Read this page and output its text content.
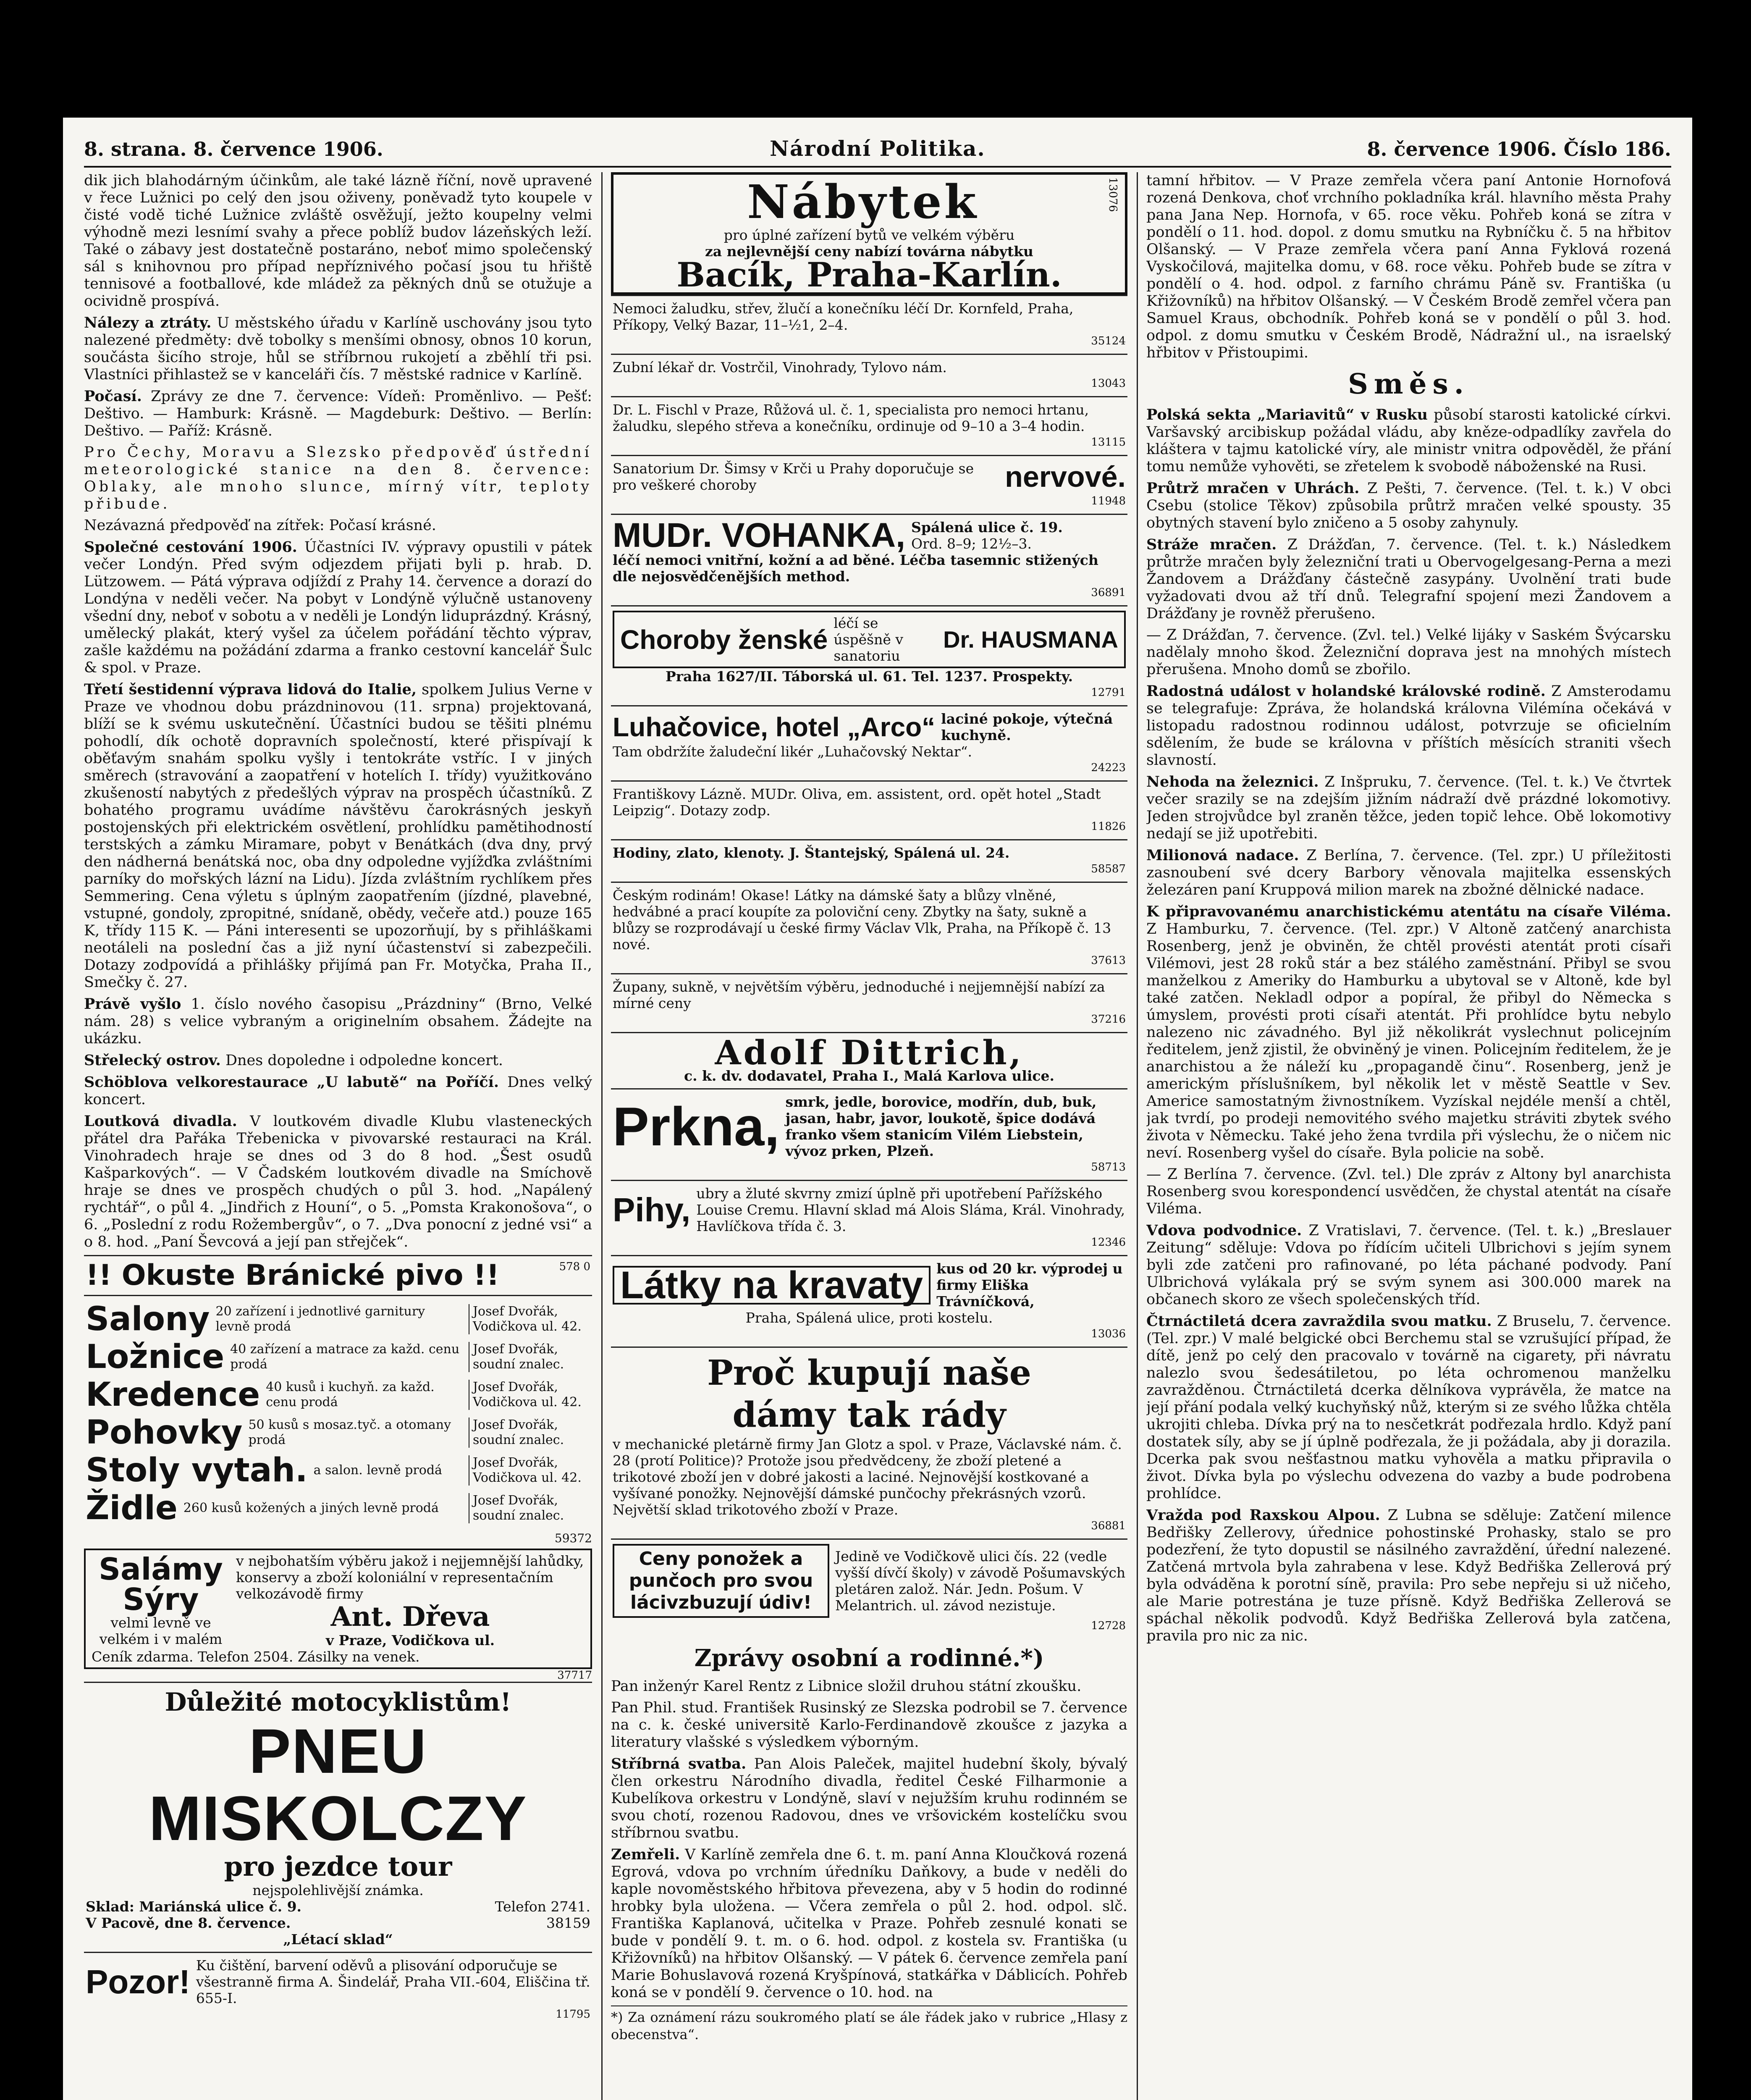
8. strana. 8. července 1906.	Národní Politika.	8. července 1906. Číslo 186.

dik jich blahodárným účinkům, ale také lázně říční, nově upravené v řece Lužnici po celý den jsou oživeny, poněvadž tyto koupele v čisté vodě tiché Lužnice zvláště osvěžují, ježto koupelny velmi výhodně mezi lesnímí svahy a přece poblíž budov lázeňských leží. Také o zábavy jest dostatečně postaráno, neboť mimo společenský sál s knihovnou pro případ nepříznivého počasí jsou tu hřiště tennisové a footballové, kde mládež za pěkných dnů se otužuje a ocividně prospívá.

Nálezy a ztráty. U městského úřadu v Karlíně uschovány jsou tyto nalezené předměty: dvě tobolky s menšími obnosy, obnos 10 korun, součásta šicího stroje, hůl se stříbrnou rukojetí a zběhlí tři psi. Vlastníci přihlastež se v kanceláři čís. 7 městské radnice v Karlíně.

Počasí. Zprávy ze dne 7. července: Vídeň: Proměnlivo. — Pešť: Deštivo. — Hamburk: Krásně. — Magdeburk: Deštivo. — Berlín: Deštivo. — Paříž: Krásně.

Pro Čechy, Moravu a Slezsko předpověď ústřední meteorologické stanice na den 8. července: Oblaky, ale mnoho slunce, mírný vítr, teploty přibude.

Nezávazná předpověď na zítřek: Počasí krásné.

Společné cestování 1906. Účastníci IV. výpravy opustili v pátek večer Londýn. Před svým odjezdem přijati byli p. hrab. D. Lützowem. — Pátá výprava odjíždí z Prahy 14. července a dorazí do Londýna v neděli večer. Na pobyt v Londýně výlučně ustanoveny všední dny, neboť v sobotu a v neděli je Londýn liduprázdný. Krásný, umělecký plakát, který vyšel za účelem pořádání těchto výprav, zašle každému na požádání zdarma a franko cestovní kancelář Šulc & spol. v Praze.

Třetí šestidenní výprava lidová do Italie, spolkem Julius Verne v Praze ve vhodnou dobu prázdninovou (11. srpna) projektovaná, blíží se k svému uskutečnění. Účastníci budou se těšiti plnému pohodlí, dík ochotě dopravních společností, které přispívají k oběťavým snahám spolku vyšly i tentokráte vstříc. I v jiných směrech (stravování a zaopatření v hotelích I. třídy) využitkováno zkušeností nabytých z předešlých výprav na prospěch účastníků. Z bohatého programu uvádíme návštěvu čarokrásných jeskyň postojenských při elektrickém osvětlení, prohlídku pamětihodností terstských a zámku Miramare, pobyt v Benátkách (dva dny, prvý den nádherná benátská noc, oba dny odpoledne vyjížďka zvláštními parníky do mořských lázní na Lidu). Jízda zvláštním rychlíkem přes Semmering. Cena výletu s úplným zaopatřením (jízdné, plavebné, vstupné, gondoly, zpropitné, snídaně, obědy, večeře atd.) pouze 165 K, třídy 115 K. — Páni interesenti se upozorňují, by s přihláškami neotáleli na poslední čas a již nyní účastenství si zabezpečili. Dotazy zodpovídá a přihlášky přijímá pan Fr. Motyčka, Praha II., Smečky č. 27.

Právě vyšlo 1. číslo nového časopisu „Prázdniny“ (Brno, Velké nám. 28) s velice vybraným a originelním obsahem. Žádejte na ukázku.

Střelecký ostrov. Dnes dopoledne i odpoledne koncert.

Schöblova velkorestaurace „U labutě“ na Poříčí. Dnes velký koncert.

Loutková divadla. V loutkovém divadle Klubu vlasteneckých přátel dra Pařáka Třebenicka v pivovarské restauraci na Král. Vinohradech hraje se dnes od 3 do 8 hod. „Šest osudů Kašparkových“. — V Čadském loutkovém divadle na Smíchově hraje se dnes ve prospěch chudých o půl 3. hod. „Napálený rychtář“, o půl 4. „Jindřich z Houní“, o 5. „Pomsta Krakonošova“, o 6. „Poslední z rodu Rožembergův“, o 7. „Dva ponocní z jedné vsi“ a o 8. hod. „Paní Ševcová a její pan střejček“.

578 0
!! Okuste Bránické pivo !!
Salony 20 zařízení i jednotlivé garnitury levně prodá
Josef Dvořák, Vodičkova ul. 42.
Ložnice 40 zařízení a matrace za každ. cenu prodá
Josef Dvořák, soudní znalec.
Kredence 40 kusů i kuchyň. za každ. cenu prodá
Josef Dvořák, Vodičkova ul. 42.
Pohovky 50 kusů s mosaz.tyč. a otomany prodá
Josef Dvořák, soudní znalec.
Stoly vytah. a salon. levně prodá
Josef Dvořák, Vodičkova ul. 42.
Židle 260 kusů kožených a jiných levně prodá
Josef Dvořák, soudní znalec.
59372
Salámy
Sýry
velmi levně ve velkém i v malém
v nejbohatším výběru jakož i nejjemnější lahůdky, konservy a zboží koloniální v representačním velkozávodě firmy
Ant. Dřeva
v Praze, Vodičkova ul.
Ceník zdarma. Telefon 2504. Zásilky na venek.
37717
Důležité motocyklistům!
PNEU MISKOLCZY
pro jezdce tour
nejspolehlivější známka.
Sklad: Mariánská ulice č. 9.	Telefon 2741.
V Pacově, dne 8. července.	38159
„Létací sklad“
Pozor! Ku čištění, barvení oděvů a plisování odporučuje se všestranně firma A. Šindelář, Praha VII.-604, Eliščina tř. 655-I.
11795
13076
Nábytek
pro úplné zařízení bytů ve velkém výběru
za nejlevnější ceny nabízí továrna nábytku
Bacík, Praha-Karlín.
Nemoci žaludku, střev, žlučí a konečníku léčí Dr. Kornfeld, Praha, Příkopy, Velký Bazar, 11–½1, 2–4.
35124
Zubní lékař dr. Vostrčil, Vinohrady, Tylovo nám.
13043
Dr. L. Fischl v Praze, Růžová ul. č. 1, specialista pro nemoci hrtanu, žaludku, slepého střeva a konečníku, ordinuje od 9–10 a 3–4 hodin.
13115
Sanatorium Dr. Šimsy v Krči u Prahy doporučuje se pro veškeré choroby	nervové.
11948
MUDr. VOHANKA, Spálená ulice č. 19.
Ord. 8–9; 12½–3.
léčí nemoci vnitřní, kožní a ad běné. Léčba tasemnic stižených dle nejosvědčenějších method.
36891
Choroby ženské
léčí se úspěšně v sanatoriu
Dr. HAUSMANA
Praha 1627/II. Táborská ul. 61. Tel. 1237. Prospekty.
12791
Luhačovice, hotel „Arco“ laciné pokoje, výtečná kuchyně.
Tam obdržíte žaludeční likér „Luhačovský Nektar“.
24223
Františkovy Lázně. MUDr. Oliva, em. assistent, ord. opět hotel „Stadt Leipzig“. Dotazy zodp.
11826
Hodiny, zlato, klenoty. J. Štantejský, Spálená ul. 24.
58587
Českým rodinám! Okase! Látky na dámské šaty a blůzy vlněné, hedvábné a prací koupíte za poloviční ceny. Zbytky na šaty, sukně a blůzy se rozprodávají u české firmy Václav Vlk, Praha, na Příkopě č. 13 nové.
37613
Župany, sukně, v největším výběru, jednoduché i nejjemnější nabízí za mírné ceny
37216
Adolf Dittrich,
c. k. dv. dodavatel, Praha I., Malá Karlova ulice.
Prkna, smrk, jedle, borovice, modřín, dub, buk, jasan, habr, javor, loukotě, špice dodává franko všem stanicím Vilém Liebstein, vývoz prken, Plzeň.
58713
Pihy, ubry a žluté skvrny zmizí úplně při upotřebení Pařížského Louise Cremu. Hlavní sklad má Alois Sláma, Král. Vinohrady, Havlíčkova třída č. 3.
12346
Látky na kravaty kus od 20 kr. výprodej u firmy Eliška Trávníčková,
Praha, Spálená ulice, proti kostelu.
13036
Proč kupují naše
dámy tak rády
v mechanické pletárně firmy Jan Glotz a spol. v Praze, Václavské nám. č. 28 (protí Politice)? Protože jsou předvědceny, že zboží pletené a trikotové zboží jen v dobré jakosti a laciné. Nejnovější kostkované a vyšívané ponožky. Nejnovější dámské punčochy překrásných vzorů. Největší sklad trikotového zboží v Praze.
36881
Ceny ponožek a punčoch pro svou lácivzbuzují údiv!
Jedině ve Vodičkově ulici čís. 22 (vedle vyšší dívčí školy) v závodě Pošumavských pletáren založ. Nár. Jedn. Pošum. V Melantrich. ul. závod nezistuje.
12728
Zprávy osobní a rodinné.*)

Pan inženýr Karel Rentz z Libnice složil druhou státní zkoušku.

Pan Phil. stud. František Rusinský ze Slezska podrobil se 7. července na c. k. české universitě Karlo-Ferdinandově zkoušce z jazyka a literatury vlašské s výsledkem výborným.

Stříbrná svatba. Pan Alois Paleček, majitel hudební školy, bývalý člen orkestru Národního divadla, ředitel České Filharmonie a Kubelíkova orkestru v Londýně, slaví v nejužším kruhu rodinném se svou chotí, rozenou Radovou, dnes ve vršovickém kostelíčku svou stříbrnou svatbu.

Zemřeli. V Karlíně zemřela dne 6. t. m. paní Anna Kloučková rozená Egrová, vdova po vrchním úředníku Daňkovy, a bude v neděli do kaple novoměstského hřbitova převezena, aby v 5 hodin do rodinné hrobky byla uložena. — Včera zemřela o půl 2. hod. odpol. slč. Františka Kaplanová, učitelka v Praze. Pohřeb zesnulé konati se bude v pondělí 9. t. m. o 6. hod. odpol. z kostela sv. Františka (u Křižovníků) na hřbitov Olšanský. — V pátek 6. července zemřela paní Marie Bohuslavová rozená Kryšpínová, statkářka v Dáblicích. Pohřeb koná se v pondělí 9. července o 10. hod. na

*) Za oznámení rázu soukromého platí se ále řádek jako v rubrice „Hlasy z obecenstva“.

tamní hřbitov. — V Praze zemřela včera paní Antonie Hornofová rozená Denkova, choť vrchního pokladníka král. hlavního města Prahy pana Jana Nep. Hornofa, v 65. roce věku. Pohřeb koná se zítra v pondělí o 11. hod. dopol. z domu smutku na Rybníčku č. 5 na hřbitov Olšanský. — V Praze zemřela včera paní Anna Fyklová rozená Vyskočilová, majitelka domu, v 68. roce věku. Pohřeb bude se zítra v pondělí o 4. hod. odpol. z farního chrámu Páně sv. Františka (u Křižovníků) na hřbitov Olšanský. — V Českém Brodě zemřel včera pan Samuel Kraus, obchodník. Pohřeb koná se v pondělí o půl 3. hod. odpol. z domu smutku v Českém Brodě, Nádražní ul., na israelský hřbitov v Přistoupimi.

Směs.

Polská sekta „Mariavitů“ v Rusku působí starosti katolické církvi. Varšavský arcibiskup požádal vládu, aby kněze-odpadlíky zavřela do kláštera v tajmu katolické víry, ale ministr vnitra odpověděl, že přání tomu nemůže vyhověti, se zřetelem k svobodě náboženské na Rusi.

Průtrž mračen v Uhrách. Z Pešti, 7. července. (Tel. t. k.) V obci Csebu (stolice Těkov) způsobila průtrž mračen velké spousty. 35 obytných stavení bylo zničeno a 5 osoby zahynuly.

Stráže mračen. Z Drážďan, 7. července. (Tel. t. k.) Následkem průtrže mračen byly železniční trati u Obervogelgesang-Perna a mezi Žandovem a Drážďany částečně zasypány. Uvolnění trati bude vyžadovati dvou až tří dnů. Telegrafní spojení mezi Žandovem a Drážďany je rovněž přerušeno.

— Z Drážďan, 7. července. (Zvl. tel.) Velké lijáky v Saském Švýcarsku nadělaly mnoho škod. Železniční doprava jest na mnohých místech přerušena. Mnoho domů se zbořilo.

Radostná událost v holandské královské rodině. Z Amsterodamu se telegrafuje: Zpráva, že holandská královna Vilémína očekává v listopadu radostnou rodinnou událost, potvrzuje se oficielním sdělením, že bude se královna v příštích měsících straniti všech slavností.

Nehoda na železnici. Z Inšpruku, 7. července. (Tel. t. k.) Ve čtvrtek večer srazily se na zdejším jižním nádraží dvě prázdné lokomotivy. Jeden strojvůdce byl zraněn těžce, jeden topič lehce. Obě lokomotivy nedají se již upotřebiti.

Milionová nadace. Z Berlína, 7. července. (Tel. zpr.) U příležitosti zasnoubení své dcery Barbory věnovala majitelka essenských železáren paní Kruppová milion marek na zbožné dělnické nadace.

K připravovanému anarchistickému atentátu na císaře Viléma. Z Hamburku, 7. července. (Tel. zpr.) V Altoně zatčený anarchista Rosenberg, jenž je obviněn, že chtěl provésti atentát proti císaři Vilémovi, jest 28 roků stár a bez stálého zaměstnání. Přibyl se svou manželkou z Ameriky do Hamburku a ubytoval se v Altoně, kde byl také zatčen. Nekladl odpor a popíral, že přibyl do Německa s úmyslem, provésti proti císaři atentát. Při prohlídce bytu nebylo nalezeno nic závadného. Byl již několikrát vyslechnut policejním ředitelem, jenž zjistil, že obviněný je vinen. Policejním ředitelem, že je anarchistou a že náleží ku „propagandě činu“. Rosenberg, jenž je americkým příslušníkem, byl několik let v městě Seattle v Sev. Americe samostatným živnostníkem. Vyzískal nejdéle menší a chtěl, jak tvrdí, po prodeji nemovitého svého majetku stráviti zbytek svého života v Německu. Také jeho žena tvrdila při výslechu, že o ničem nic neví. Rosenberg vyšel do císaře. Byla policie na sobě.

— Z Berlína 7. července. (Zvl. tel.) Dle zpráv z Altony byl anarchista Rosenberg svou korespondencí usvědčen, že chystal atentát na císaře Viléma.

Vdova podvodnice. Z Vratislavi, 7. července. (Tel. t. k.) „Breslauer Zeitung“ sděluje: Vdova po řídícím učiteli Ulbrichovi s jejím synem byli zde zatčeni pro rafinované, po léta páchané podvody. Paní Ulbrichová vylákala prý se svým synem asi 300.000 marek na občanech skoro ze všech společenských tříd.

Čtrnáctiletá dcera zavraždila svou matku. Z Bruselu, 7. července. (Tel. zpr.) V malé belgické obci Berchemu stal se vzrušující případ, že dítě, jenž po celý den pracovalo v továrně na cigarety, při návratu nalezlo svou šedesátiletou, po léta ochromenou manželku zavražděnou. Čtrnáctiletá dcerka dělníkova vyprávěla, že matce na její přání podala velký kuchyňský nůž, kterým si ze svého lůžka chtěla ukrojiti chleba. Dívka prý na to nesčetkrát podřezala hrdlo. Když paní dostatek síly, aby se jí úplně podřezala, že ji požádala, aby ji dorazila. Dcerka pak svou nešťastnou matku vyhověla a matku připravila o život. Dívka byla po výslechu odvezena do vazby a bude podrobena prohlídce.

Vražda pod Raxskou Alpou. Z Lubna se sděluje: Zatčení milence Bedřišky Zellerovy, úřednice pohostinské Prohasky, stalo se pro podezření, že tyto dopustil se násilného zavraždění, úřední nalezené. Zatčená mrtvola byla zahrabena v lese. Když Bedřiška Zellerová prý byla odváděna k porotní síně, pravila: Pro sebe nepřeju si už ničeho, ale Marie potrestána je tuze přísně. Když Bedřiška Zellerová se spáchal několik podvodů. Když Bedřiška Zellerová byla zatčena, pravila pro nic za nic.
